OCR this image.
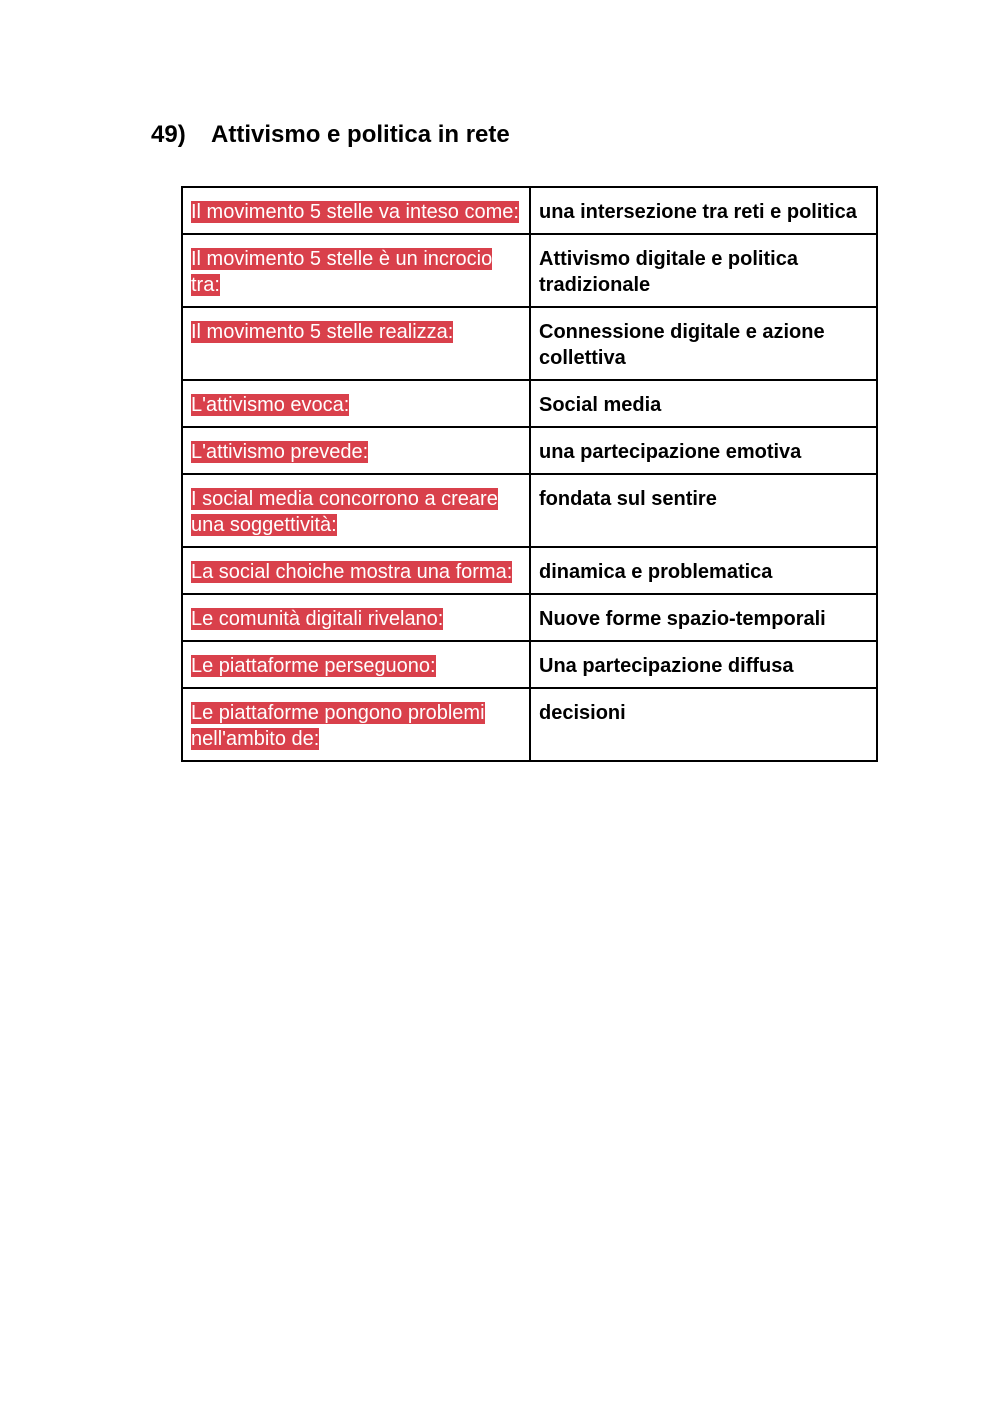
49) Attivismo e politica in rete
Il movimento 5 stelle va inteso come:	una intersezione tra reti e politica
Il movimento 5 stelle è un incrocio tra:	Attivismo digitale e politica tradizionale
Il movimento 5 stelle realizza:	Connessione digitale e azione collettiva
L'attivismo evoca:	Social media
L'attivismo prevede:	una partecipazione emotiva
I social media concorrono a creare una soggettività:	fondata sul sentire
La social choiche mostra una forma:	dinamica e problematica
Le comunità digitali rivelano:	Nuove forme spazio-temporali
Le piattaforme perseguono:	Una partecipazione diffusa
Le piattaforme pongono problemi nell'ambito de:	decisioni
